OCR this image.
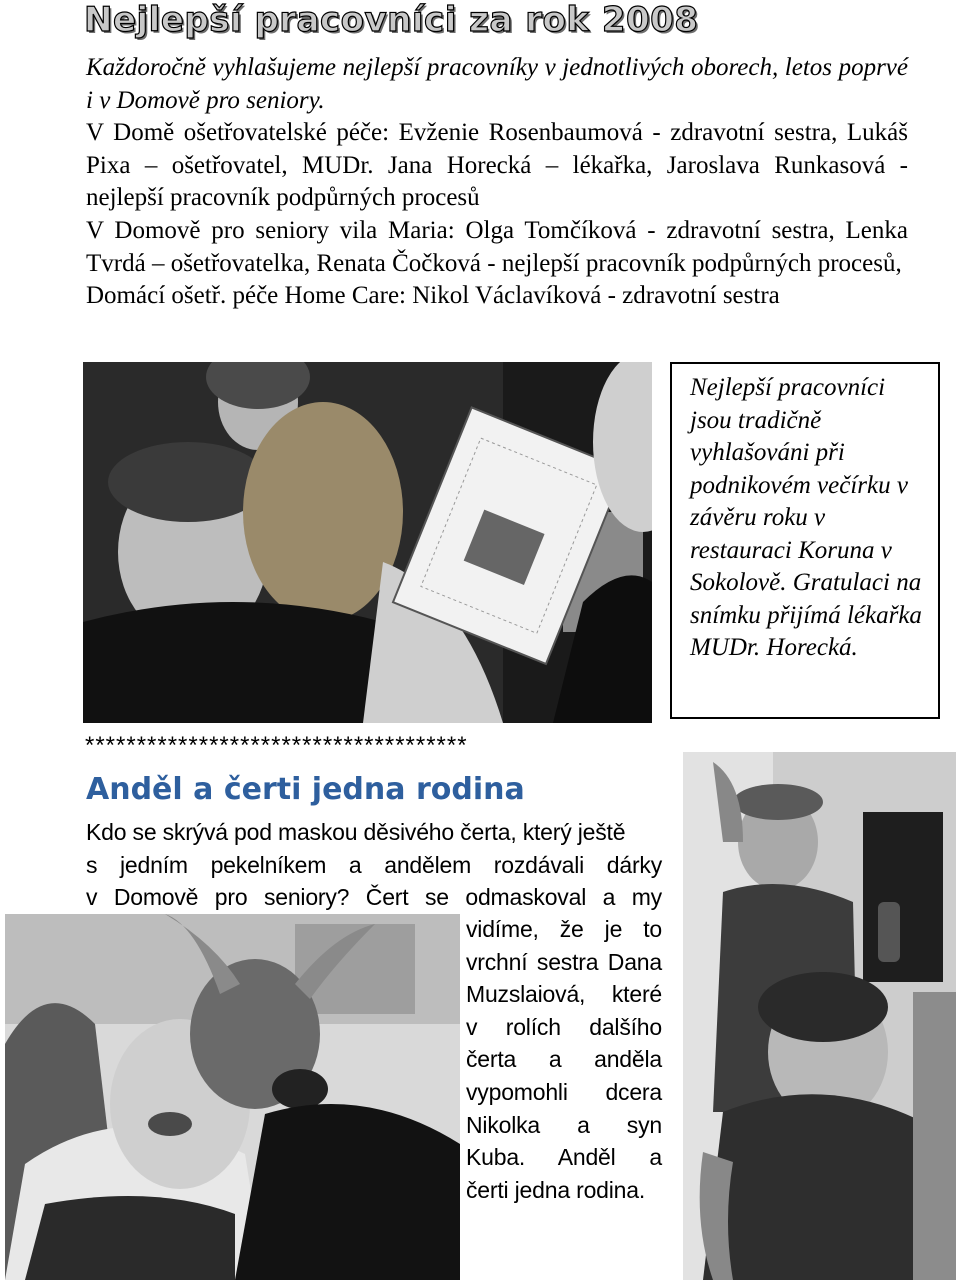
Nejlepší pracovníci za rok 2008

Každoročně vyhlašujeme nejlepší pracovníky v jednotlivých oborech, letos poprvé i v Domově pro seniory.

V Domě ošetřovatelské péče: Evženie Rosenbaumová - zdravotní sestra, Lukáš Pixa – ošetřovatel, MUDr. Jana Horecká – lékařka, Jaroslava Runkasová - nejlepší pracovník podpůrných procesů

V Domově pro seniory vila Maria: Olga Tomčíková - zdravotní sestra, Lenka Tvrdá – ošetřovatelka, Renata Čočková - nejlepší pracovník podpůrných procesů,

Domácí ošetř. péče Home Care: Nikol Václavíková - zdravotní sestra

Nejlepší pracovníci jsou tradičně vyhlašováni při podnikovém večírku v závěru roku v restauraci Koruna v Sokolově. Gratulaci na snímku přijímá lékařka MUDr. Horecká.
*************************************
Anděl a čerti jedna rodina
Kdo se skrývá pod maskou děsivého čerta, který ještě
s jedním pekelníkem a andělem rozdávali dárky
v Domově pro seniory? Čert se odmaskoval a my
vidíme, že je to
vrchní sestra Dana
Muzslaiová, které
v rolích dalšího
čerta a anděla
vypomohli dcera
Nikolka a syn
Kuba. Anděl a
čerti jedna rodina.
